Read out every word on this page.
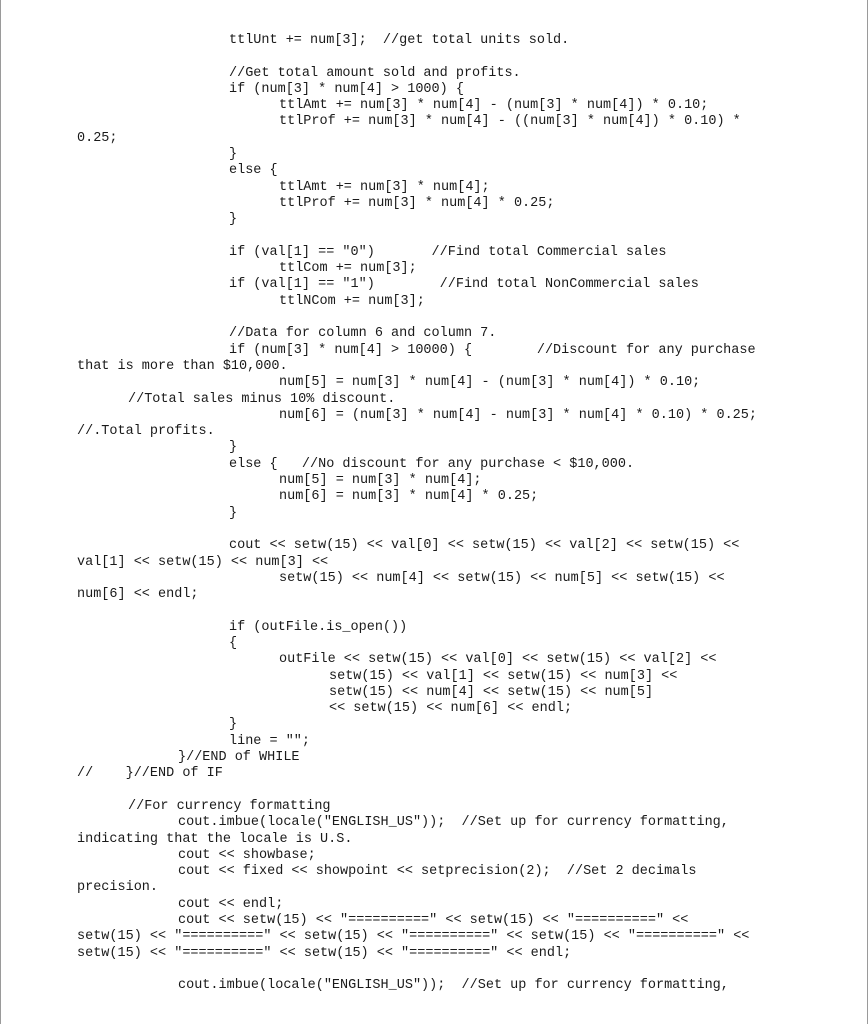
ttlUnt += num[3];  //get total units sold.
//Get total amount sold and profits.
if (num[3] * num[4] > 1000) {
ttlAmt += num[3] * num[4] - (num[3] * num[4]) * 0.10;
ttlProf += num[3] * num[4] - ((num[3] * num[4]) * 0.10) *
0.25;
}
else {
ttlAmt += num[3] * num[4];
ttlProf += num[3] * num[4] * 0.25;
}
if (val[1] == "0")       //Find total Commercial sales
ttlCom += num[3];
if (val[1] == "1")        //Find total NonCommercial sales
ttlNCom += num[3];
//Data for column 6 and column 7.
if (num[3] * num[4] > 10000) {        //Discount for any purchase
that is more than $10,000.
num[5] = num[3] * num[4] - (num[3] * num[4]) * 0.10;
//Total sales minus 10% discount.
num[6] = (num[3] * num[4] - num[3] * num[4] * 0.10) * 0.25;
//.Total profits.
}
else {   //No discount for any purchase < $10,000.
num[5] = num[3] * num[4];
num[6] = num[3] * num[4] * 0.25;
}
cout << setw(15) << val[0] << setw(15) << val[2] << setw(15) <<
val[1] << setw(15) << num[3] <<
setw(15) << num[4] << setw(15) << num[5] << setw(15) <<
num[6] << endl;
if (outFile.is_open())
{
outFile << setw(15) << val[0] << setw(15) << val[2] <<
setw(15) << val[1] << setw(15) << num[3] <<
setw(15) << num[4] << setw(15) << num[5]
<< setw(15) << num[6] << endl;
}
line = "";
}//END of WHILE
//    }//END of IF
//For currency formatting
cout.imbue(locale("ENGLISH_US"));  //Set up for currency formatting,
indicating that the locale is U.S.
cout << showbase;
cout << fixed << showpoint << setprecision(2);  //Set 2 decimals
precision.
cout << endl;
cout << setw(15) << "==========" << setw(15) << "==========" <<
setw(15) << "==========" << setw(15) << "==========" << setw(15) << "==========" <<
setw(15) << "==========" << setw(15) << "==========" << endl;
cout.imbue(locale("ENGLISH_US"));  //Set up for currency formatting,
